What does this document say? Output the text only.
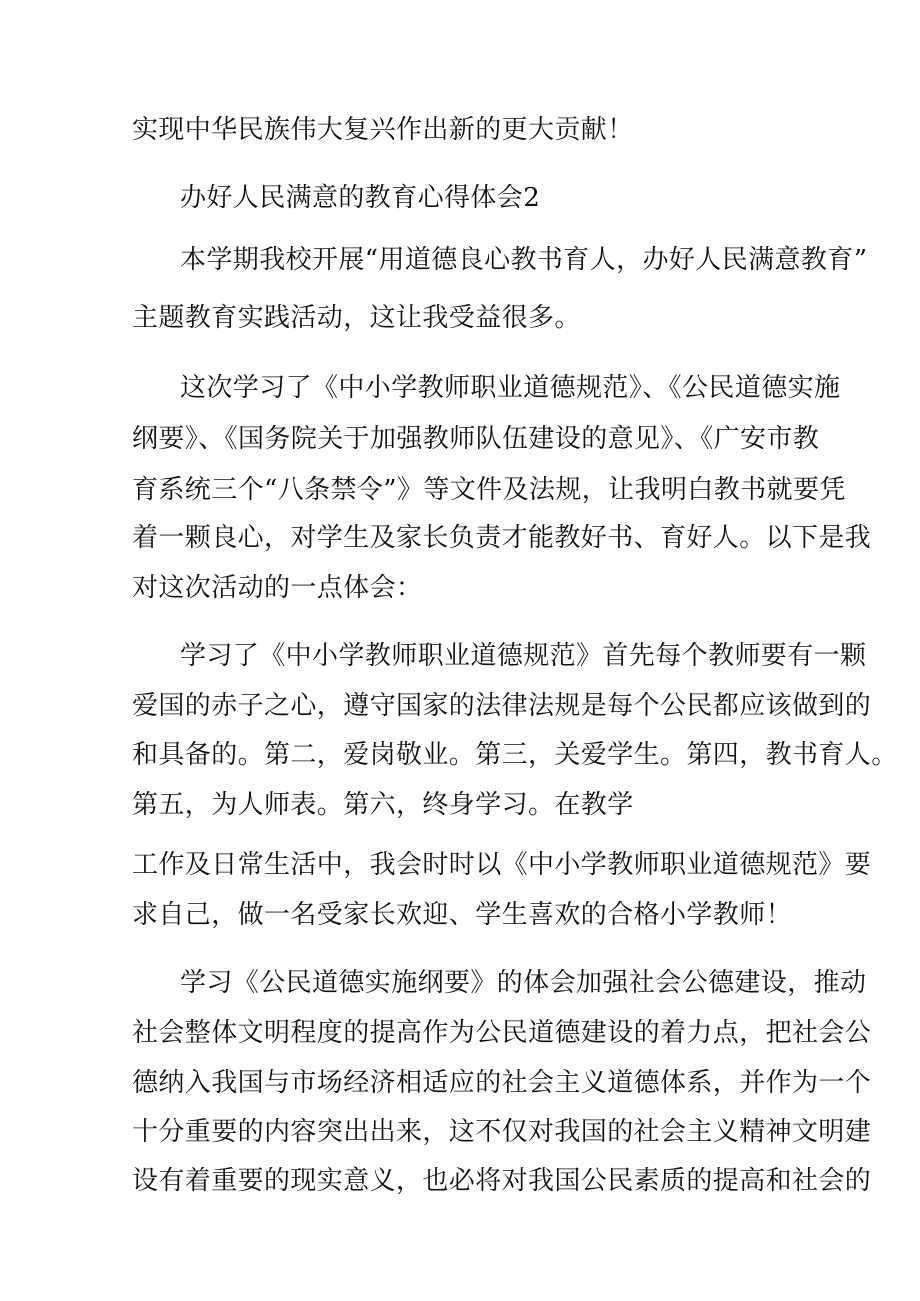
实现中华民族伟大复兴作出新的更大贡献！
办好人民满意的教育心得体会2
本学期我校开展“用道德良心教书育人，办好人民满意教育”
主题教育实践活动，这让我受益很多。
这次学习了《中小学教师职业道德规范》、《公民道德实施
纲要》、《国务院关于加强教师队伍建设的意见》、《广安市教
育系统三个“八条禁令”》等文件及法规，让我明白教书就要凭
着一颗良心，对学生及家长负责才能教好书、育好人。以下是我
对这次活动的一点体会：
学习了《中小学教师职业道德规范》首先每个教师要有一颗
爱国的赤子之心，遵守国家的法律法规是每个公民都应该做到的
和具备的。第二，爱岗敬业。第三，关爱学生。第四，教书育人。
第五，为人师表。第六，终身学习。在教学
工作及日常生活中，我会时时以《中小学教师职业道德规范》要
求自己，做一名受家长欢迎、学生喜欢的合格小学教师！
学习《公民道德实施纲要》的体会加强社会公德建设，推动
社会整体文明程度的提高作为公民道德建设的着力点，把社会公
德纳入我国与市场经济相适应的社会主义道德体系，并作为一个
十分重要的内容突出出来，这不仅对我国的社会主义精神文明建
设有着重要的现实意义，也必将对我国公民素质的提高和社会的
